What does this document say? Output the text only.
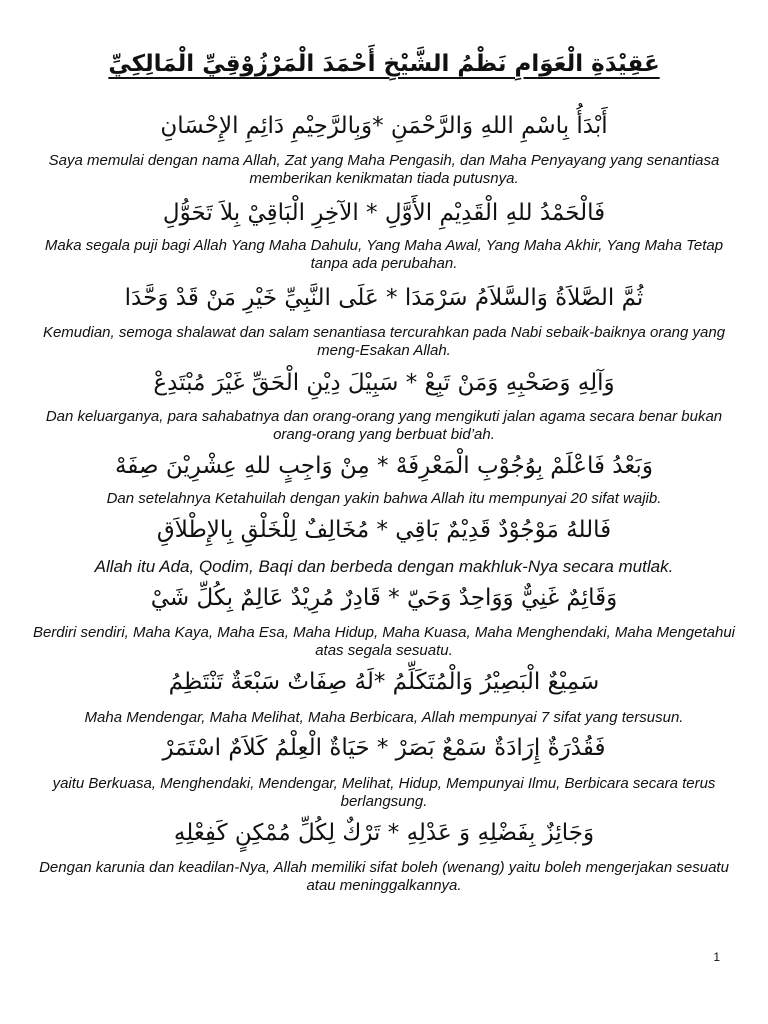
عَقِيْدَةِ الْعَوَامِ نَظْمُ الشَّيْخِ أَحْمَدَ الْمَرْزُوْقِيِّ الْمَالِكِيِّ
أَبْدَأُ بِاسْمِ اللهِ وَالرَّحْمَنِ *وَبِالرَّحِيْمِ دَائِمِ الإِحْسَانِ
Saya memulai dengan nama Allah, Zat yang Maha Pengasih, dan Maha Penyayang yang senantiasa memberikan kenikmatan tiada putusnya.
فَالْحَمْدُ للهِ الْقَدِيْمِ الأَوَّلِ * الآخِرِ الْبَاقِيْ بِلاَ تَحَوُّلِ
Maka segala puji bagi Allah Yang Maha Dahulu, Yang Maha Awal, Yang Maha Akhir, Yang Maha Tetap tanpa ada perubahan.
ثُمَّ الصَّلاَةُ وَالسَّلاَمُ سَرْمَدَا * عَلَى النَّبِيِّ خَيْرِ مَنْ قَدْ وَحَّدَا
Kemudian, semoga shalawat dan salam senantiasa tercurahkan pada Nabi sebaik-baiknya orang yang meng-Esakan Allah.
وَآلِهِ وَصَحْبِهِ وَمَنْ تَبِعْ * سَبِيْلَ دِيْنِ الْحَقِّ غَيْرَ مُبْتَدِعْ
Dan keluarganya, para sahabatnya dan orang-orang yang mengikuti jalan agama secara benar bukan orang-orang yang berbuat bid’ah.
وَبَعْدُ فَاعْلَمْ بِوُجُوْبِ الْمَعْرِفَهْ * مِنْ وَاجِبٍ للهِ عِشْرِيْنَ صِفَهْ
Dan setelahnya Ketahuilah dengan yakin bahwa Allah itu mempunyai 20 sifat wajib.
فَاللهُ مَوْجُوْدٌ قَدِيْمٌ بَاقِي * مُخَالِفٌ لِلْخَلْقِ بِالإِطْلاَقِ
Allah itu Ada, Qodim, Baqi dan berbeda dengan makhluk-Nya secara mutlak.
وَقَائِمٌ غَنِيٌّ وَوَاحِدٌ وَحَيّ * قَادِرٌ مُرِيْدٌ عَالِمٌ بِكُلِّ شَيْ
Berdiri sendiri, Maha Kaya, Maha Esa, Maha Hidup, Maha Kuasa, Maha Menghendaki, Maha Mengetahui atas segala sesuatu.
سَمِيْعٌ الْبَصِيْرُ وَالْمُتَكَلِّمُ *لَهُ صِفَاتٌ سَبْعَةٌ تَنْتَظِمُ
Maha Mendengar, Maha Melihat, Maha Berbicara, Allah mempunyai 7 sifat yang tersusun.
فَقُدْرَةٌ إِرَادَةٌ سَمْعٌ بَصَرْ * حَيَاةٌ الْعِلْمُ كَلاَمٌ اسْتَمَرْ
yaitu Berkuasa, Menghendaki, Mendengar, Melihat, Hidup, Mempunyai Ilmu, Berbicara secara terus berlangsung.
وَجَائِزٌ بِفَضْلِهِ وَ عَدْلِهِ * تَرْكٌ لِكُلِّ مُمْكِنٍ كَفِعْلِهِ
Dengan karunia dan keadilan-Nya, Allah memiliki sifat boleh (wenang) yaitu boleh mengerjakan sesuatu atau meninggalkannya.
1
